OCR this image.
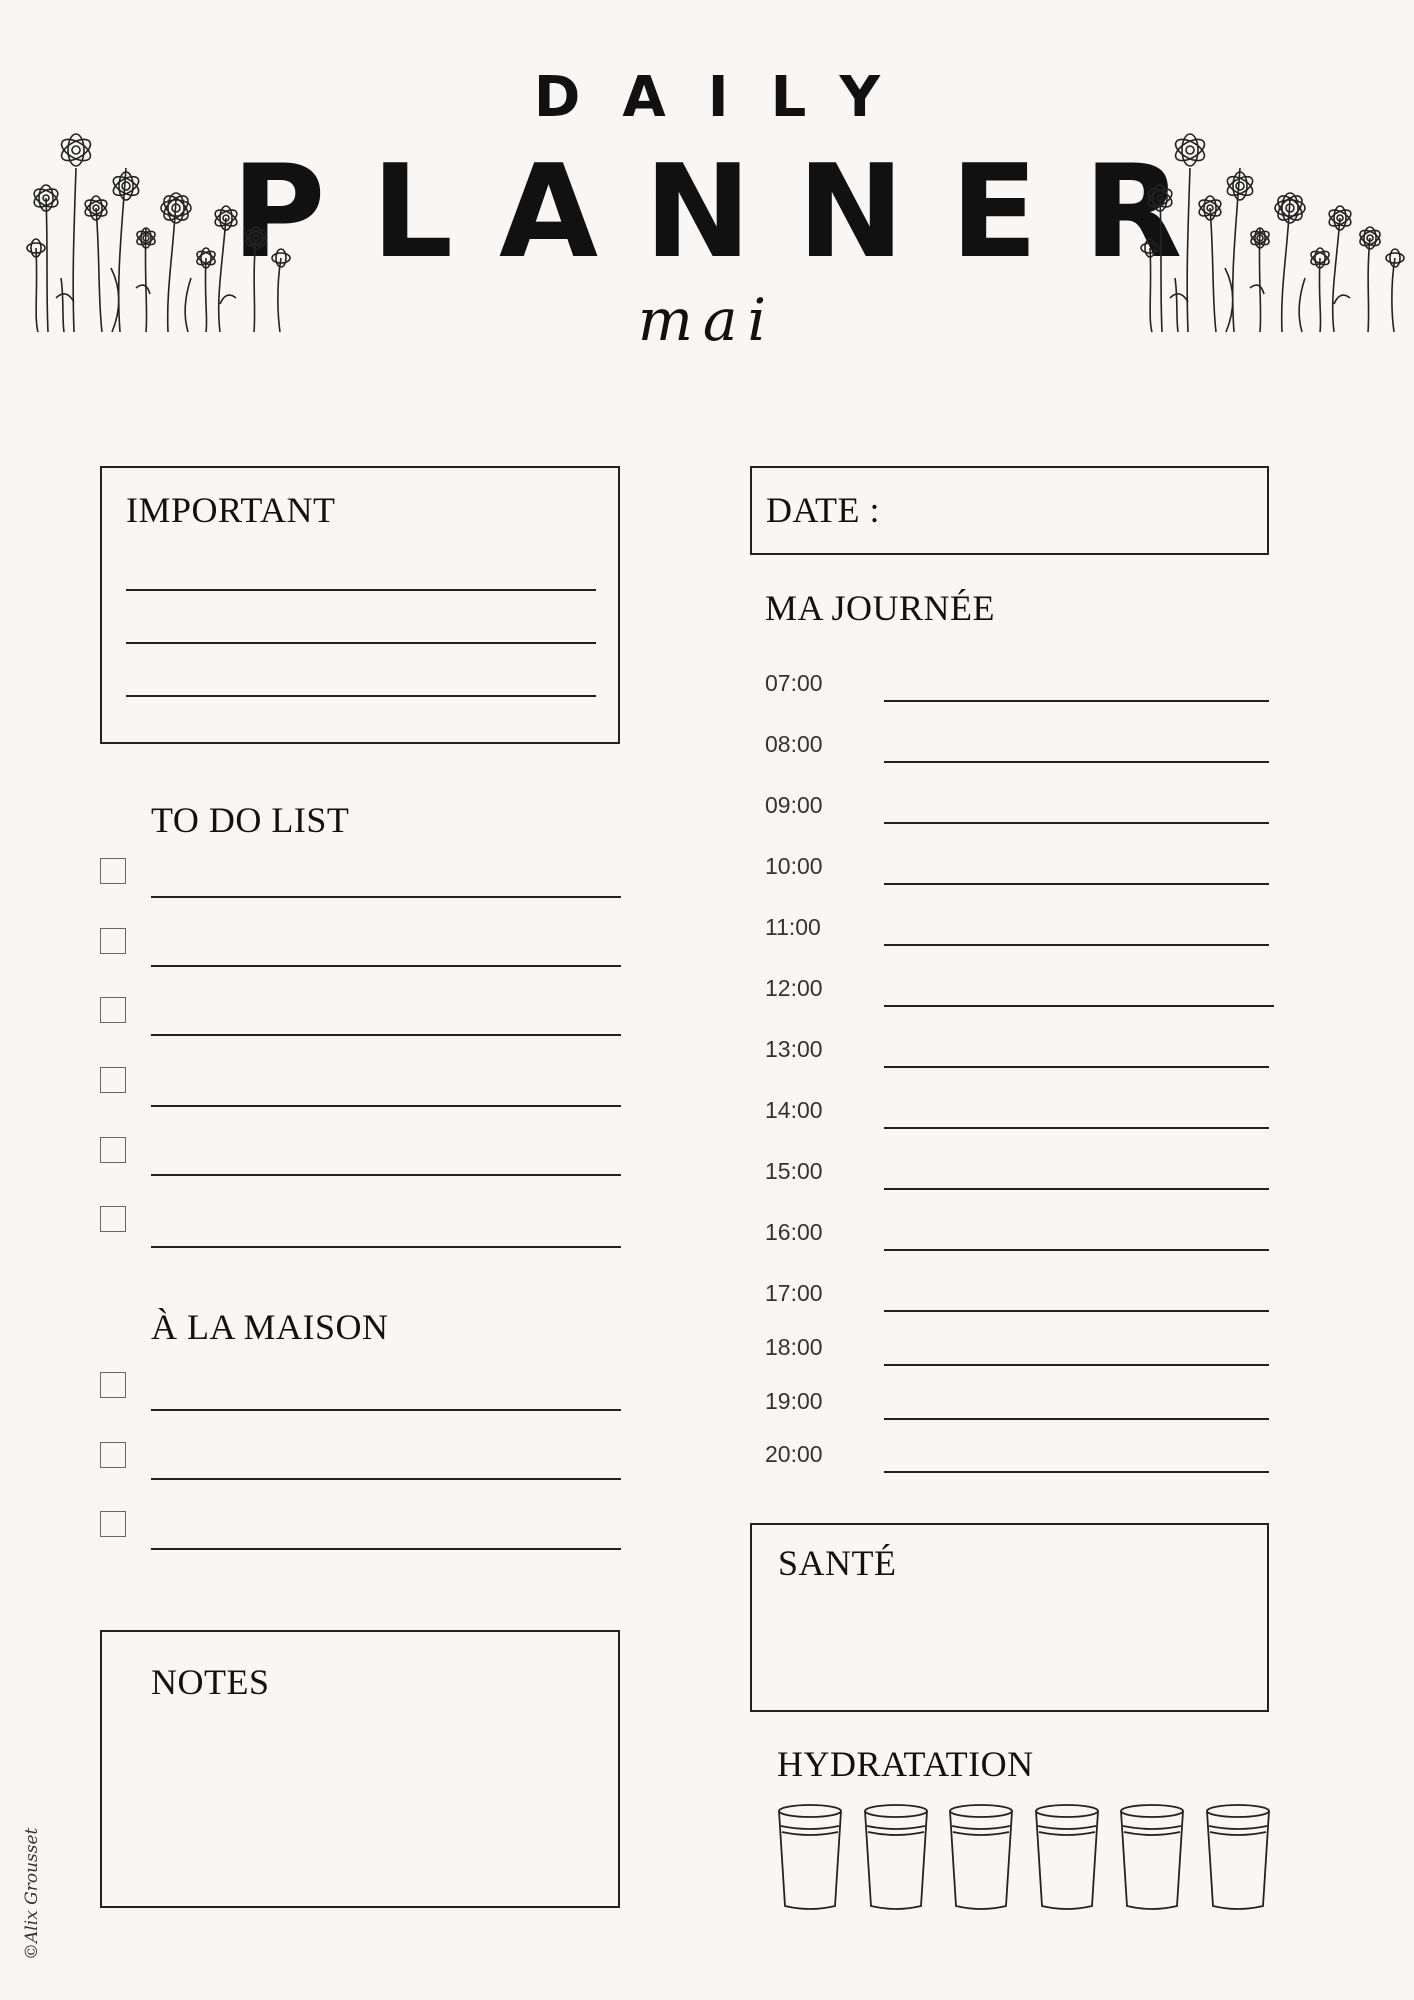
DAILY
PLANNER
mai
IMPORTANT
TO DO LIST
À LA MAISON
NOTES
DATE :
MA JOURNÉE
07:00
08:00
09:00
10:00
11:00
12:00
13:00
14:00
15:00
16:00
17:00
18:00
19:00
20:00
SANTÉ
HYDRATATION
©Alix Grousset
